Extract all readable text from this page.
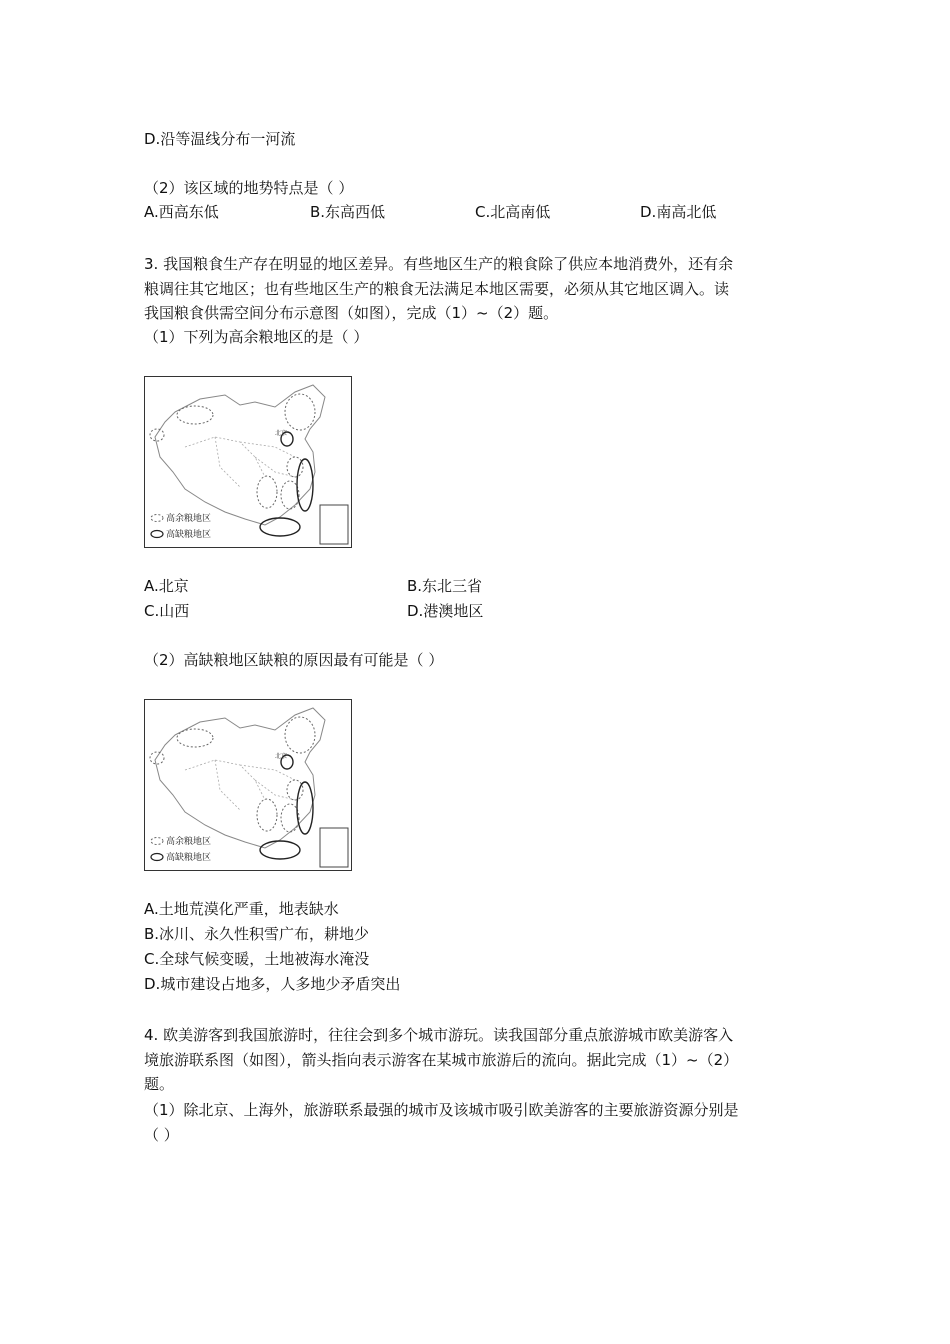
D.沿等温线分布一河流
（2）该区域的地势特点是（ ）
A.西高东低	B.东高西低	C.北高南低	D.南高北低
3. 我国粮食生产存在明显的地区差异。有些地区生产的粮食除了供应本地消费外，还有余
粮调往其它地区；也有些地区生产的粮食无法满足本地区需要，必须从其它地区调入。读
我国粮食供需空间分布示意图（如图），完成（1）~（2）题。
（1）下列为高余粮地区的是（ ）
北京
高余粮地区
高缺粮地区
A.北京	B.东北三省
C.山西	D.港澳地区
（2）高缺粮地区缺粮的原因最有可能是（ ）
北京
高余粮地区
高缺粮地区
A.土地荒漠化严重，地表缺水
B.冰川、永久性积雪广布，耕地少
C.全球气候变暖，土地被海水淹没
D.城市建设占地多，人多地少矛盾突出
4. 欧美游客到我国旅游时，往往会到多个城市游玩。读我国部分重点旅游城市欧美游客入
境旅游联系图（如图），箭头指向表示游客在某城市旅游后的流向。据此完成（1）~（2）
题。
（1）除北京、上海外，旅游联系最强的城市及该城市吸引欧美游客的主要旅游资源分别是
（ ）
